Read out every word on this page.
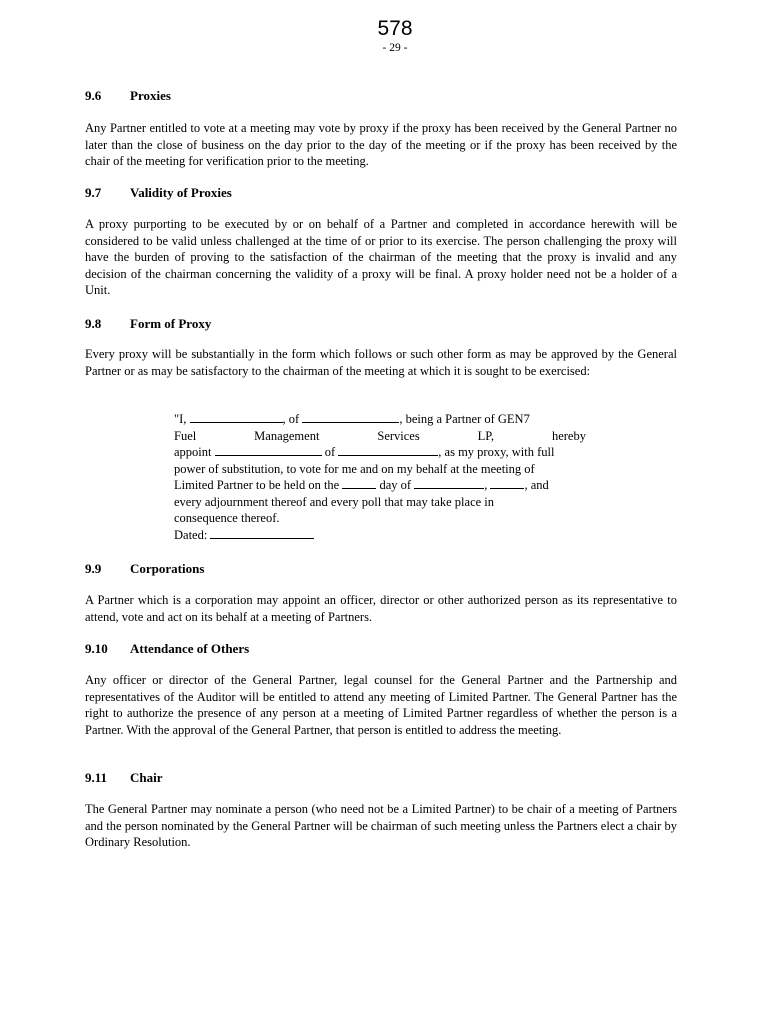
578
- 29 -
9.6 Proxies
Any Partner entitled to vote at a meeting may vote by proxy if the proxy has been received by the General Partner no later than the close of business on the day prior to the day of the meeting or if the proxy has been received by the chair of the meeting for verification prior to the meeting.
9.7 Validity of Proxies
A proxy purporting to be executed by or on behalf of a Partner and completed in accordance herewith will be considered to be valid unless challenged at the time of or prior to its exercise. The person challenging the proxy will have the burden of proving to the satisfaction of the chairman of the meeting that the proxy is invalid and any decision of the chairman concerning the validity of a proxy will be final. A proxy holder need not be a holder of a Unit.
9.8 Form of Proxy
Every proxy will be substantially in the form which follows or such other form as may be approved by the General Partner or as may be satisfactory to the chairman of the meeting at which it is sought to be exercised:
"I,	, of	, being a Partner of GEN7
Fuel	Management	Services	LP,	hereby
appoint	of	, as my proxy, with full
power of substitution, to vote for me and on my behalf at the meeting of
Limited Partner to be held on the	day of	,	, and
every adjournment thereof and every poll that may take place in
consequence thereof.
Dated:
9.9 Corporations
A Partner which is a corporation may appoint an officer, director or other authorized person as its representative to attend, vote and act on its behalf at a meeting of Partners.
9.10 Attendance of Others
Any officer or director of the General Partner, legal counsel for the General Partner and the Partnership and representatives of the Auditor will be entitled to attend any meeting of Limited Partner. The General Partner has the right to authorize the presence of any person at a meeting of Limited Partner regardless of whether the person is a Partner. With the approval of the General Partner, that person is entitled to address the meeting.
9.11 Chair
The General Partner may nominate a person (who need not be a Limited Partner) to be chair of a meeting of Partners and the person nominated by the General Partner will be chairman of such meeting unless the Partners elect a chair by Ordinary Resolution.
